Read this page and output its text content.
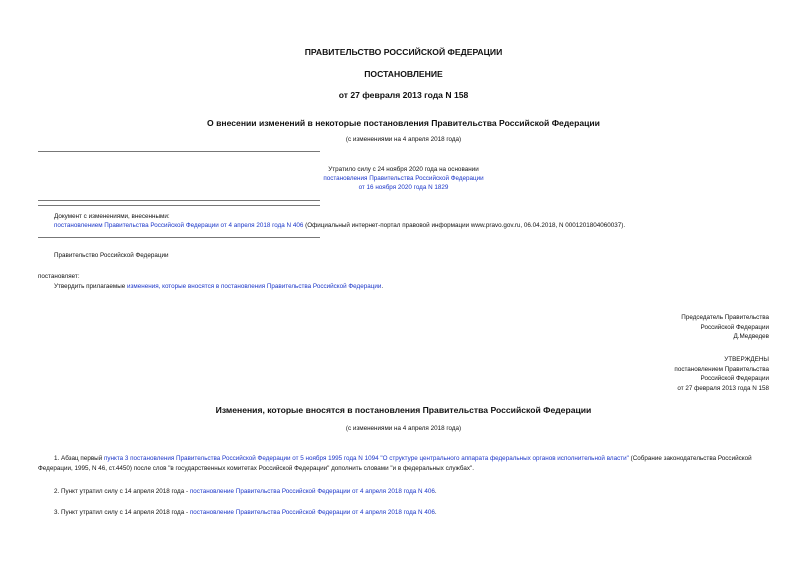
ПРАВИТЕЛЬСТВО РОССИЙСКОЙ ФЕДЕРАЦИИ
ПОСТАНОВЛЕНИЕ
от 27 февраля 2013 года N 158
О внесении изменений в некоторые постановления Правительства Российской Федерации
(с изменениями на 4 апреля 2018 года)
Утратило силу с 24 ноября 2020 года на основании
постановления Правительства Российской Федерации
от 16 ноября 2020 года N 1829
Документ с изменениями, внесенными:
постановлением Правительства Российской Федерации от 4 апреля 2018 года N 406 (Официальный интернет-портал правовой информации www.pravo.gov.ru, 06.04.2018, N 0001201804060037).
Правительство Российской Федерации
постановляет:
Утвердить прилагаемые изменения, которые вносятся в постановления Правительства Российской Федерации.
Председатель Правительства
Российской Федерации
Д.Медведев
УТВЕРЖДЕНЫ
постановлением Правительства
Российской Федерации
от 27 февраля 2013 года N 158
Изменения, которые вносятся в постановления Правительства Российской Федерации
(с изменениями на 4 апреля 2018 года)
1. Абзац первый пункта 3 постановления Правительства Российской Федерации от 5 ноября 1995 года N 1094 "О структуре центрального аппарата федеральных органов исполнительной власти" (Собрание законодательства Российской Федерации, 1995, N 46, ст.4450) после слов "в государственных комитетах Российской Федерации" дополнить словами "и в федеральных службах".
2. Пункт утратил силу с 14 апреля 2018 года - постановление Правительства Российской Федерации от 4 апреля 2018 года N 406.
3. Пункт утратил силу с 14 апреля 2018 года - постановление Правительства Российской Федерации от 4 апреля 2018 года N 406.
